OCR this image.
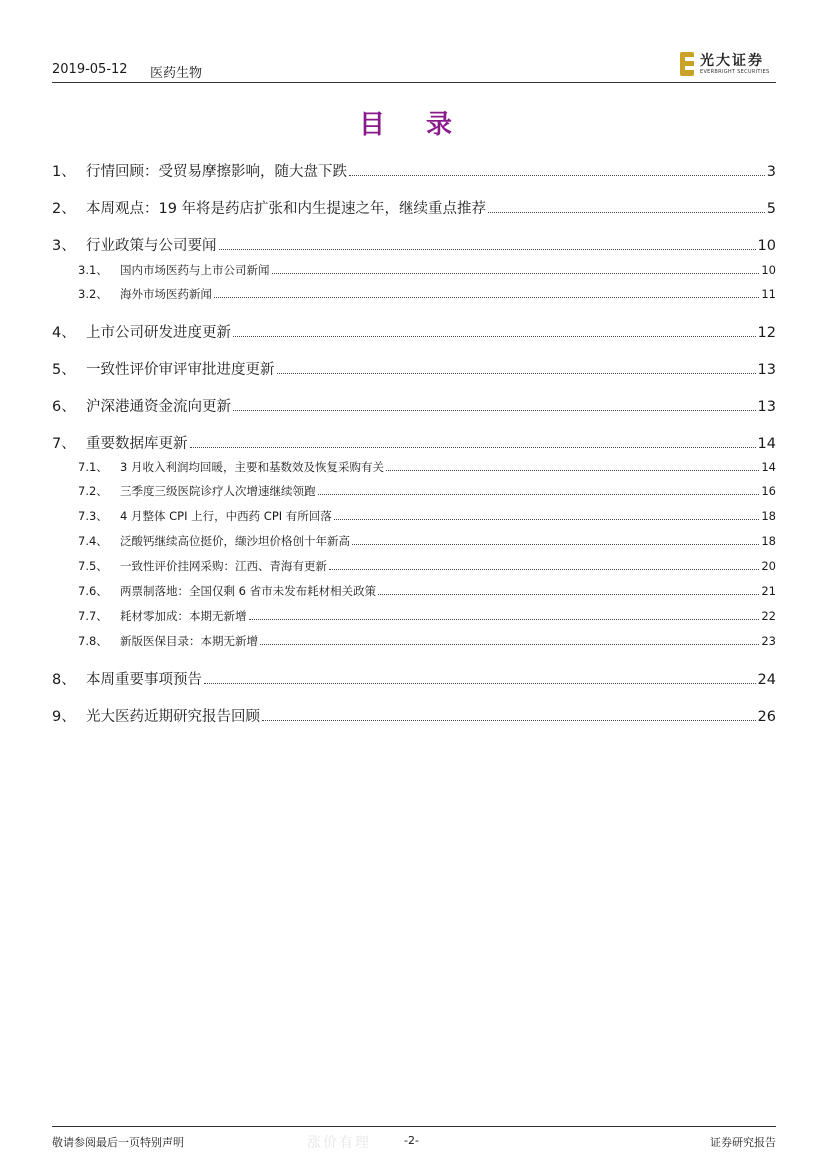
2019-05-12 医药生物
光大证券
EVERBRIGHT SECURITIES
目 录
1、 行情回顾：受贸易摩擦影响，随大盘下跌	3
2、 本周观点：19 年将是药店扩张和内生提速之年，继续重点推荐	5
3、 行业政策与公司要闻	10
3.1、	国内市场医药与上市公司新闻	10
3.2、	海外市场医药新闻	11
4、 上市公司研发进度更新	12
5、 一致性评价审评审批进度更新	13
6、 沪深港通资金流向更新	13
7、 重要数据库更新	14
7.1、	3 月收入利润均回暖，主要和基数效及恢复采购有关	14
7.2、	三季度三级医院诊疗人次增速继续领跑	16
7.3、	4 月整体 CPI 上行，中西药 CPI 有所回落	18
7.4、	泛酸钙继续高位挺价，缬沙坦价格创十年新高	18
7.5、	一致性评价挂网采购：江西、青海有更新	20
7.6、	两票制落地：全国仅剩 6 省市未发布耗材相关政策	21
7.7、	耗材零加成：本期无新增	22
7.8、	新版医保目录：本期无新增	23
8、 本周重要事项预告	24
9、 光大医药近期研究报告回顾	26
敬请参阅最后一页特别声明	涨价有理	-2-	证券研究报告
